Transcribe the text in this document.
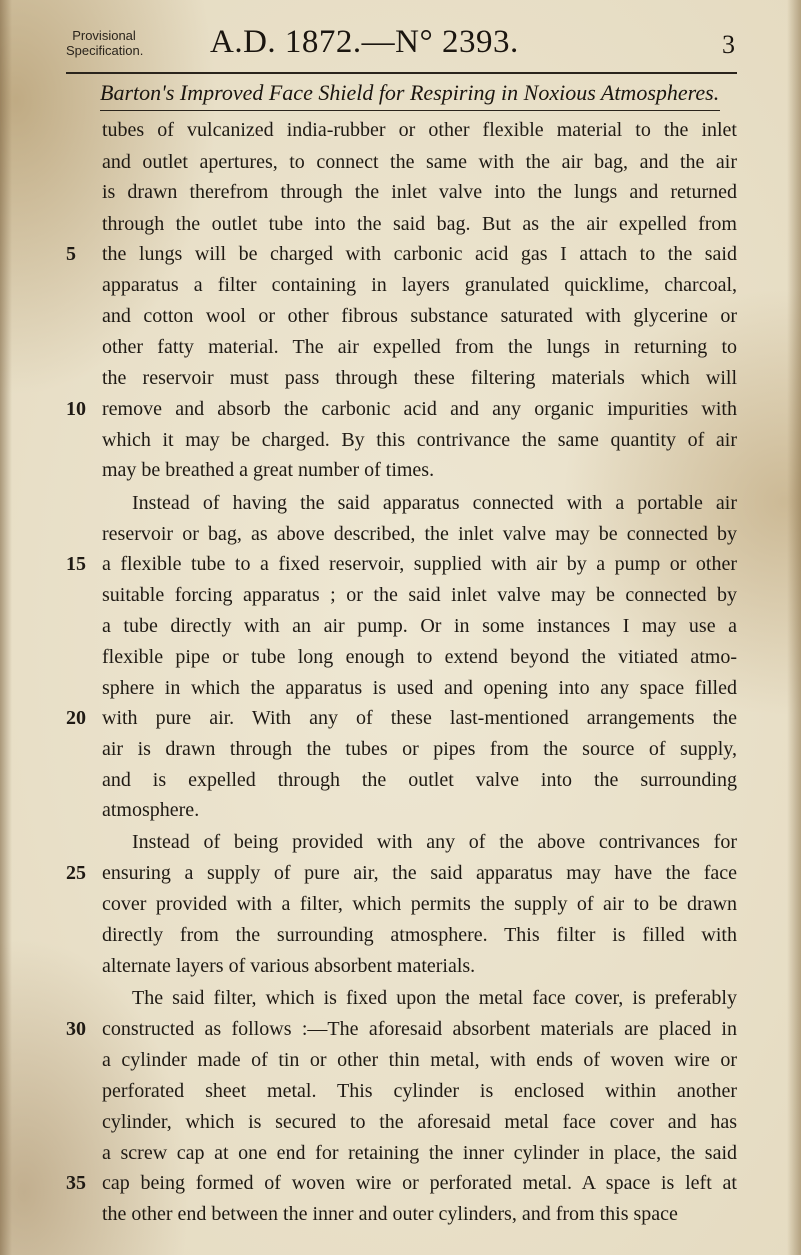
Provisional Specification. A.D. 1872.—N° 2393.	3
Barton's Improved Face Shield for Respiring in Noxious Atmospheres.
tubes of vulcanized india-rubber or other flexible material to the inlet
and outlet apertures, to connect the same with the air bag, and the air
is drawn therefrom through the inlet valve into the lungs and returned
through the outlet tube into the said bag. But as the air expelled from
5	the lungs will be charged with carbonic acid gas I attach to the said
apparatus a filter containing in layers granulated quicklime, charcoal,
and cotton wool or other fibrous substance saturated with glycerine or
other fatty material. The air expelled from the lungs in returning to
the reservoir must pass through these filtering materials which will
10 remove and absorb the carbonic acid and any organic impurities with
which it may be charged. By this contrivance the same quantity of air
may be breathed a great number of times.
Instead of having the said apparatus connected with a portable air
reservoir or bag, as above described, the inlet valve may be connected by
15 a flexible tube to a fixed reservoir, supplied with air by a pump or other
suitable forcing apparatus ; or the said inlet valve may be connected by
a tube directly with an air pump. Or in some instances I may use a
flexible pipe or tube long enough to extend beyond the vitiated atmo-
sphere in which the apparatus is used and opening into any space filled
20 with pure air. With any of these last-mentioned arrangements the
air is drawn through the tubes or pipes from the source of supply,
and is expelled through the outlet valve into the surrounding
atmosphere.
Instead of being provided with any of the above contrivances for
25 ensuring a supply of pure air, the said apparatus may have the face
cover provided with a filter, which permits the supply of air to be drawn
directly from the surrounding atmosphere. This filter is filled with
alternate layers of various absorbent materials.
The said filter, which is fixed upon the metal face cover, is preferably
30 constructed as follows :—The aforesaid absorbent materials are placed in
a cylinder made of tin or other thin metal, with ends of woven wire or
perforated sheet metal. This cylinder is enclosed within another
cylinder, which is secured to the aforesaid metal face cover and has
a screw cap at one end for retaining the inner cylinder in place, the said
35 cap being formed of woven wire or perforated metal. A space is left at
the other end between the inner and outer cylinders, and from this space
